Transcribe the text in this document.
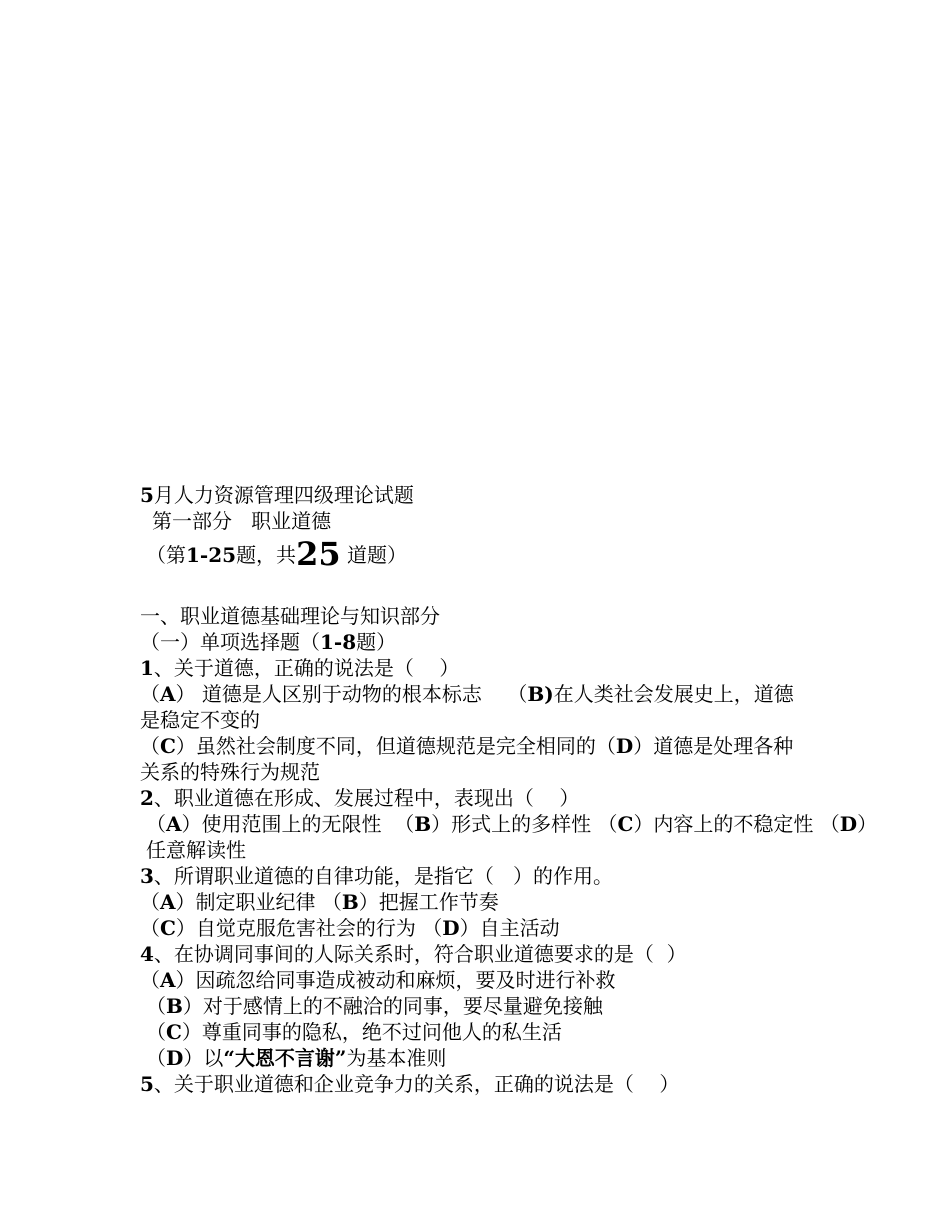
5月人力资源管理四级理论试题
第一部分   职业道德
（第1-25题，共25 道题）
一、职业道德基础理论与知识部分
（一）单项选择题（1-8题）
1、关于道德，正确的说法是（    ）
（A） 道德是人区别于动物的根本标志    （B)在人类社会发展史上，道德是稳定不变的
（C）虽然社会制度不同，但道德规范是完全相同的（D）道德是处理各种关系的特殊行为规范
2、职业道德在形成、发展过程中，表现出（    ）
（A）使用范围上的无限性  （B）形式上的多样性 （C）内容上的不稳定性 （D）任意解读性
3、所谓职业道德的自律功能，是指它（   ）的作用。
（A）制定职业纪律 （B）把握工作节奏（C）自觉克服危害社会的行为 （D）自主活动
4、在协调同事间的人际关系时，符合职业道德要求的是（  ）
（A）因疏忽给同事造成被动和麻烦，要及时进行补救
（B）对于感情上的不融洽的同事，要尽量避免接触
（C）尊重同事的隐私，绝不过问他人的私生活
（D）以“大恩不言谢”为基本准则
5、关于职业道德和企业竞争力的关系，正确的说法是（    ）
